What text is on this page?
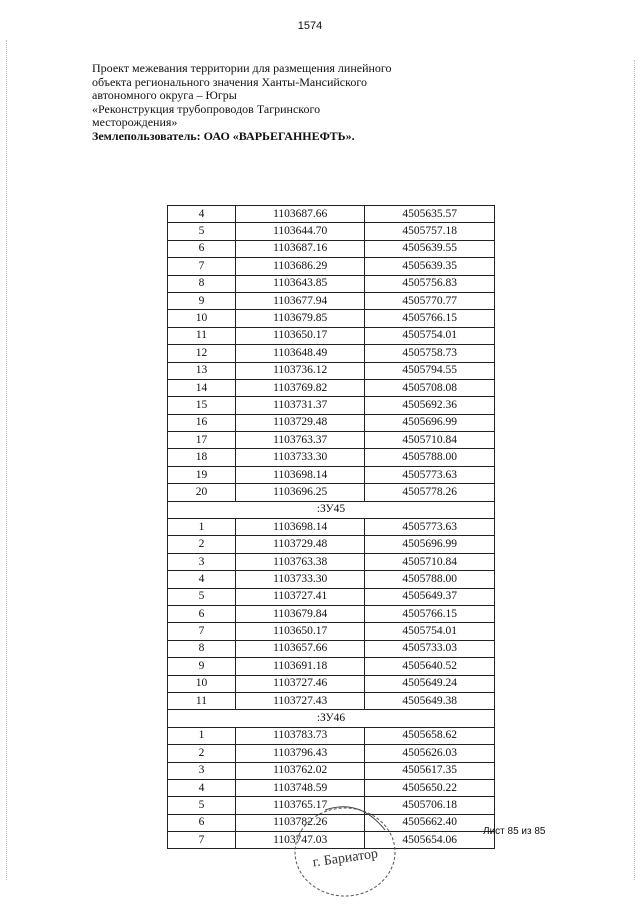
1574
Проект межевания территории для размещения линейного
объекта регионального значения Ханты-Мансийского
автономного округа – Югры
«Реконструкция трубопроводов Тагринского
месторождения»
Землепользователь: ОАО «ВАРЬЕГАННЕФТЬ».
4	1103687.66	4505635.57
5	1103644.70	4505757.18
6	1103687.16	4505639.55
7	1103686.29	4505639.35
8	1103643.85	4505756.83
9	1103677.94	4505770.77
10	1103679.85	4505766.15
11	1103650.17	4505754.01
12	1103648.49	4505758.73
13	1103736.12	4505794.55
14	1103769.82	4505708.08
15	1103731.37	4505692.36
16	1103729.48	4505696.99
17	1103763.37	4505710.84
18	1103733.30	4505788.00
19	1103698.14	4505773.63
20	1103696.25	4505778.26
:ЗУ45		
1	1103698.14	4505773.63
2	1103729.48	4505696.99
3	1103763.38	4505710.84
4	1103733.30	4505788.00
5	1103727.41	4505649.37
6	1103679.84	4505766.15
7	1103650.17	4505754.01
8	1103657.66	4505733.03
9	1103691.18	4505640.52
10	1103727.46	4505649.24
11	1103727.43	4505649.38
:ЗУ46		
1	1103783.73	4505658.62
2	1103796.43	4505626.03
3	1103762.02	4505617.35
4	1103748.59	4505650.22
5	1103765.17	4505706.18
6	1103782.26	4505662.40
7	1103747.03	4505654.06
г. Бариатор
Лист 85 из 85
